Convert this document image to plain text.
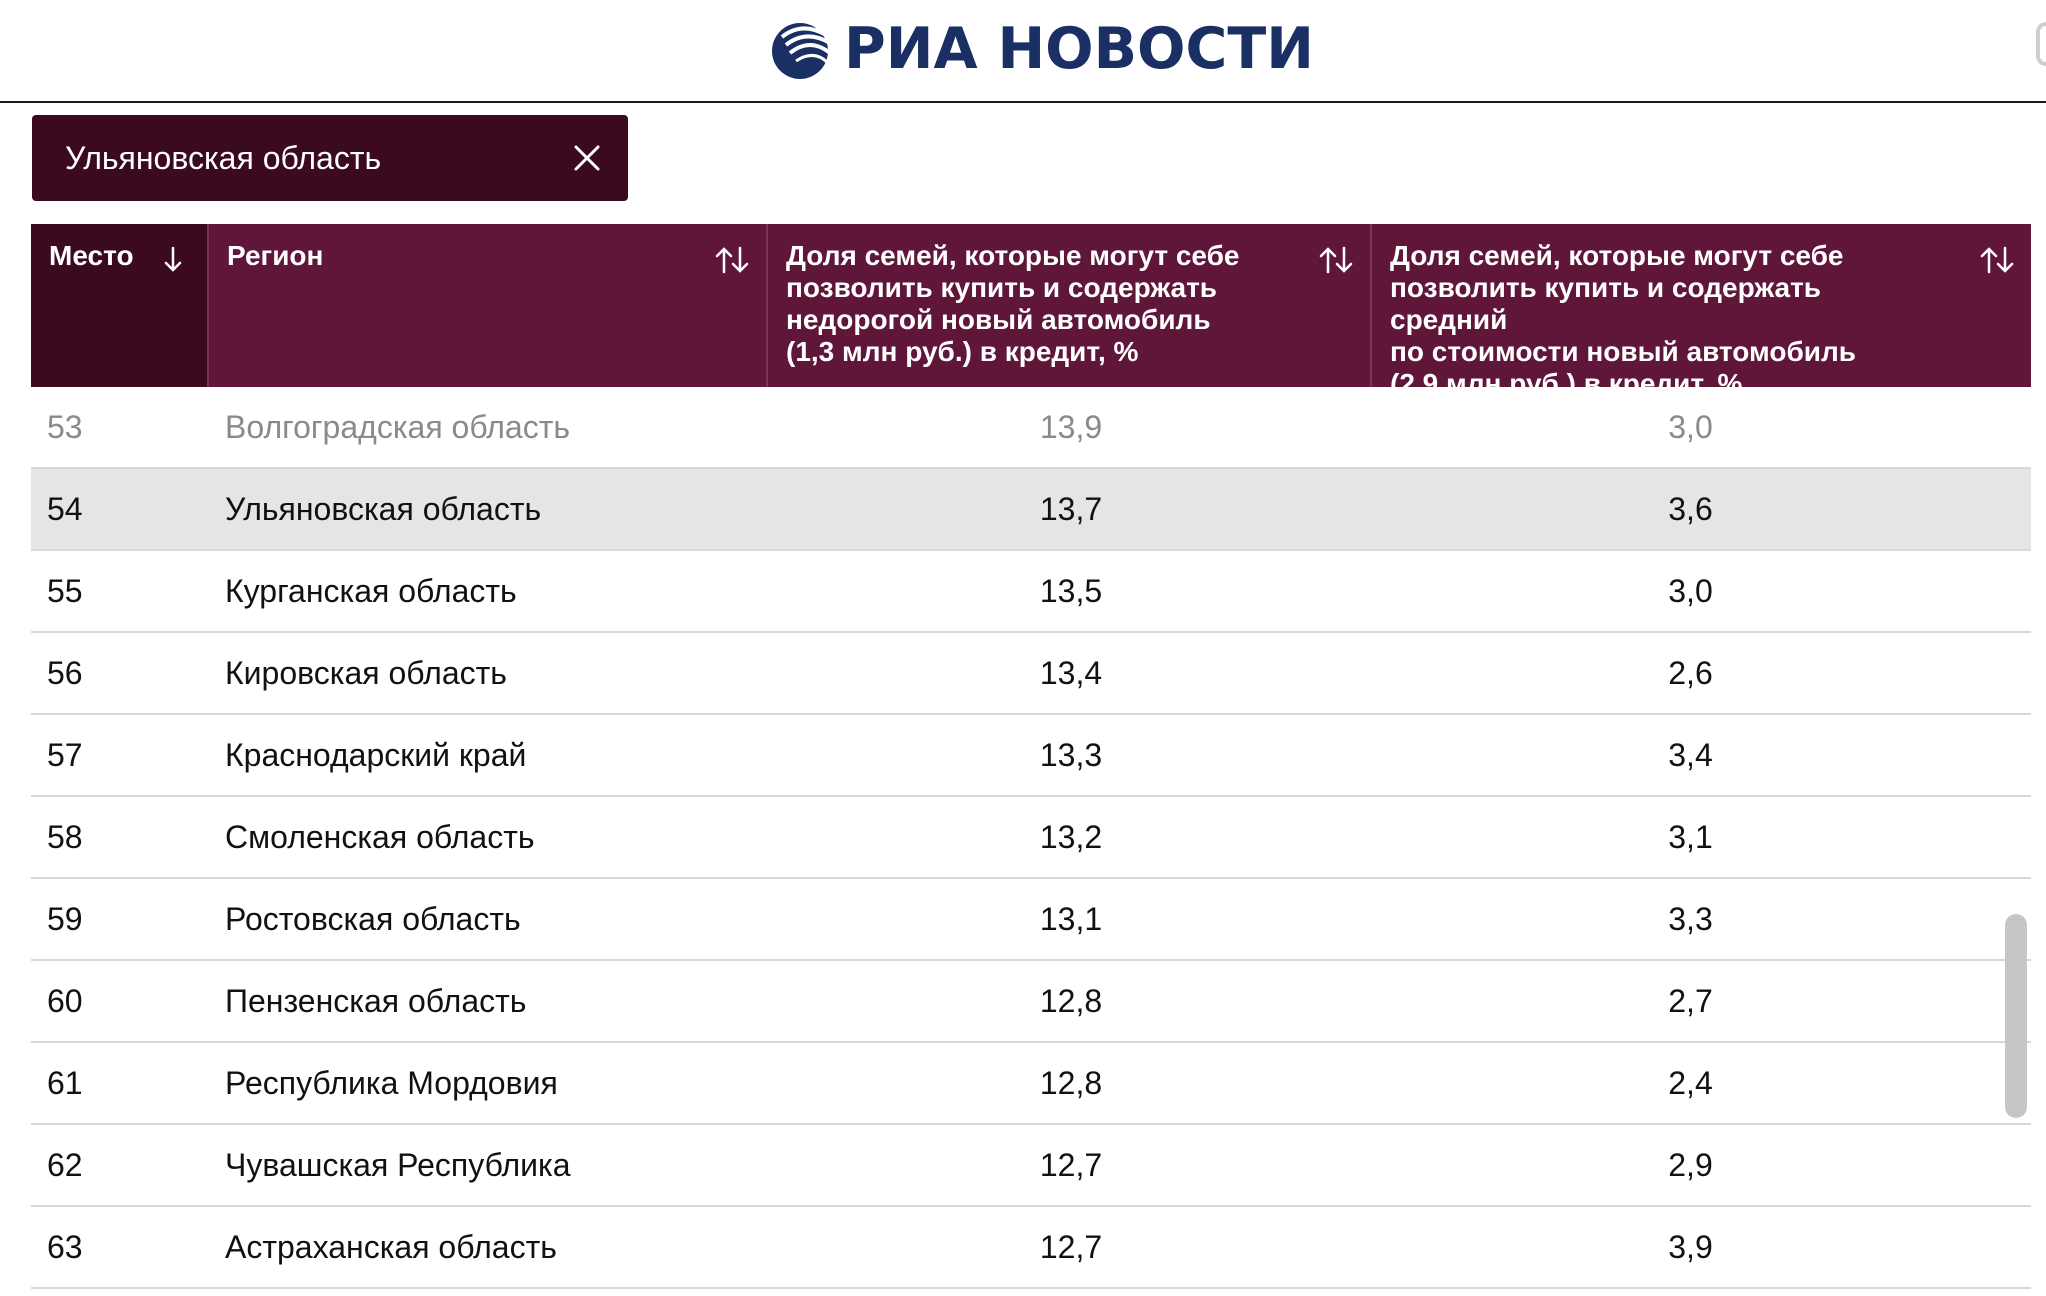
РИА НОВОСТИ
Ульяновская область
Место	Регион	Доля семей, которые могут себе
позволить купить и содержать
недорогой новый автомобиль
(1,3 млн руб.) в кредит, %
Доля семей, которые могут себе
позволить купить и содержать средний
по стоимости новый автомобиль
(2,9 млн руб.) в кредит, %
53	Волгоградская область	13,9	3,0
54	Ульяновская область	13,7	3,6
55	Курганская область	13,5	3,0
56	Кировская область	13,4	2,6
57	Краснодарский край	13,3	3,4
58	Смоленская область	13,2	3,1
59	Ростовская область	13,1	3,3
60	Пензенская область	12,8	2,7
61	Республика Мордовия	12,8	2,4
62	Чувашская Республика	12,7	2,9
63	Астраханская область	12,7	3,9
